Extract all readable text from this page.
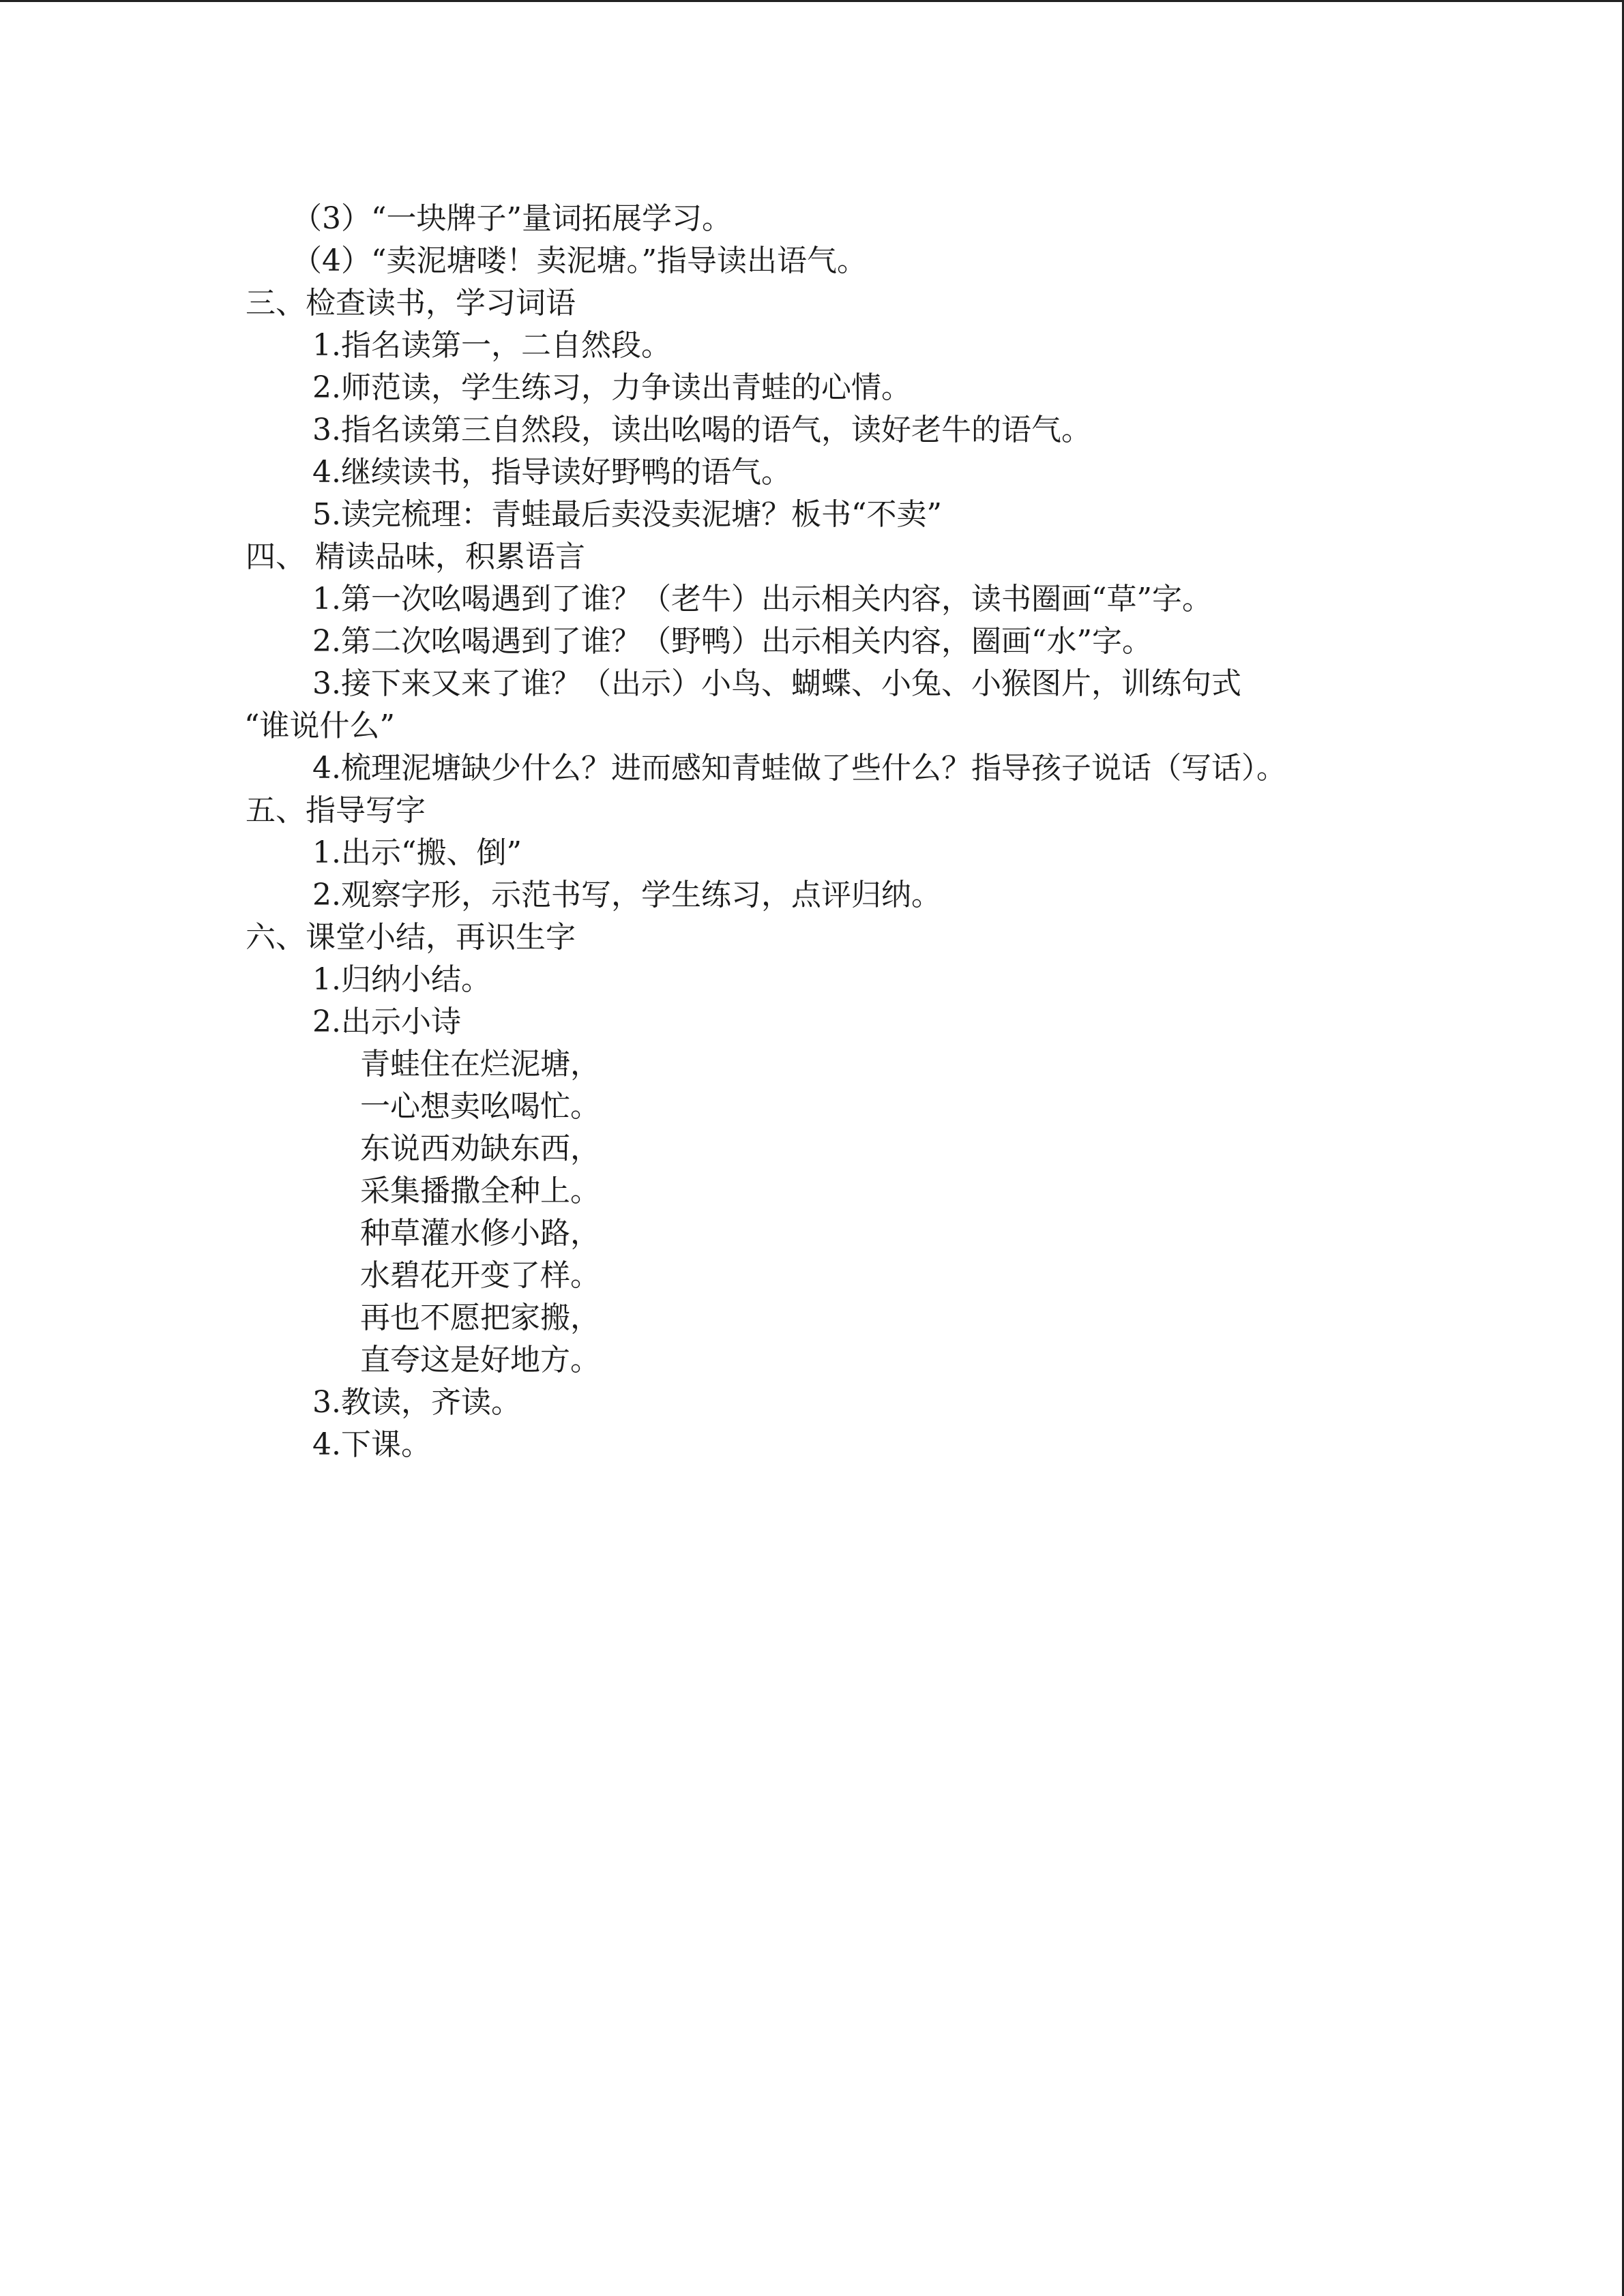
（3）“一块牌子”量词拓展学习。
（4）“卖泥塘喽！卖泥塘。”指导读出语气。
三、检查读书，学习词语
1.指名读第一，二自然段。
2.师范读，学生练习，力争读出青蛙的心情。
3.指名读第三自然段，读出吆喝的语气，读好老牛的语气。
4.继续读书，指导读好野鸭的语气。
5.读完梳理：青蛙最后卖没卖泥塘？板书“不卖”
四、 精读品味，积累语言
1.第一次吆喝遇到了谁？（老牛）出示相关内容，读书圈画“草”字。
2.第二次吆喝遇到了谁？（野鸭）出示相关内容，圈画“水”字。
3.接下来又来了谁？（出示）小鸟、蝴蝶、小兔、小猴图片，训练句式
“谁说什么”
4.梳理泥塘缺少什么？进而感知青蛙做了些什么？指导孩子说话（写话）。
五、指导写字
1.出示“搬、倒”
2.观察字形，示范书写，学生练习，点评归纳。
六、课堂小结，再识生字
1.归纳小结。
2.出示小诗
青蛙住在烂泥塘，
一心想卖吆喝忙。
东说西劝缺东西，
采集播撒全种上。
种草灌水修小路，
水碧花开变了样。
再也不愿把家搬，
直夸这是好地方。
3.教读，齐读。
4.下课。
